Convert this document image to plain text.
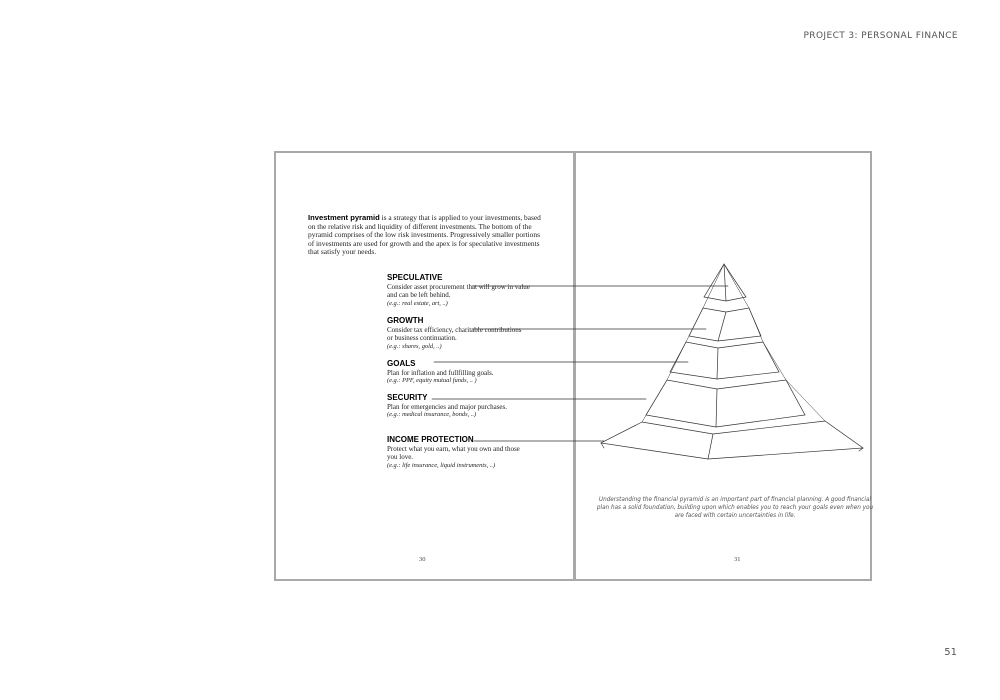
PROJECT 3: PERSONAL FINANCE
Investment pyramid is a strategy that is applied to your investments, based on the relative risk and liquidity of different investments. The bottom of the pyramid comprises of the low risk investments. Progressively smaller portions of investments are used for growth and the apex is for speculative investments that satisfy your needs.
SPECULATIVE
Consider asset procurement that will grow in value and can be left behind.
(e.g.: real estate, art, ..)
GROWTH
Consider tax efficiency, charitable contributions or business continuation.
(e.g.: shares, gold, ..)
GOALS
Plan for inflation and fullfilling goals.
(e.g.: PPF, equity mutual funds, .. )
SECURITY
Plan for emergencies and major purchases.
(e.g.: medical insurance, bonds, ..)
INCOME PROTECTION
Protect what you earn, what you own and those you love.
(e.g.: life insurance, liquid instruments, ..)
30
Understanding the financial pyramid is an important part of financial planning. A good financial plan has a solid foundation, building upon which enables you to reach your goals even when you are faced with certain uncertainties in life.
31
51
